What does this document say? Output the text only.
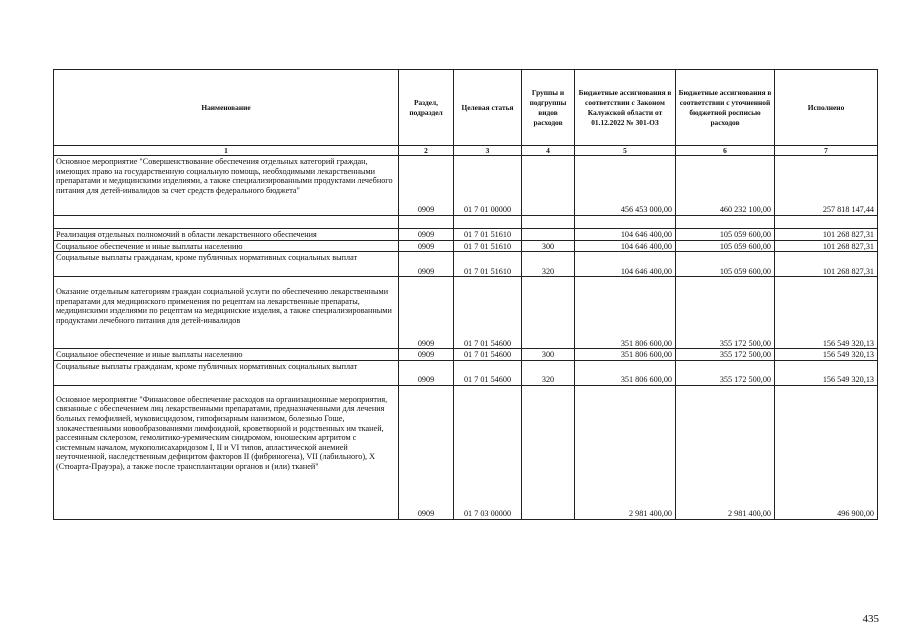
Наименование	Раздел, подраздел	Целевая статья	Группы и подгруппы видов расходов	Бюджетные ассигнования в соответствии с Законом Калужской области от 01.12.2022 № 301-ОЗ	Бюджетные ассигнования в соответствии с уточненной бюджетной росписью расходов	Исполнено
1	2	3	4	5	6	7
Основное мероприятие "Совершенствование обеспечения отдельных категорий граждан, имеющих право на государственную социальную помощь, необходимыми лекарственными препаратами и медицинскими изделиями, а также специализированными продуктами лечебного питания для детей-инвалидов за счет средств федерального бюджета"	0909	01 7 01 00000		456 453 000,00	460 232 100,00	257 818 147,44

Реализация отдельных полномочий в области лекарственного обеспечения	0909	01 7 01 51610		104 646 400,00	105 059 600,00	101 268 827,31
Социальное обеспечение и иные выплаты населению	0909	01 7 01 51610	300	104 646 400,00	105 059 600,00	101 268 827,31
Социальные выплаты гражданам, кроме публичных нормативных социальных выплат	0909	01 7 01 51610	320	104 646 400,00	105 059 600,00	101 268 827,31
Оказание отдельным категориям граждан социальной услуги по обеспечению лекарственными препаратами для медицинского применения по рецептам на лекарственные препараты, медицинскими изделиями по рецептам на медицинские изделия, а также специализированными продуктами лечебного питания для детей-инвалидов	0909	01 7 01 54600		351 806 600,00	355 172 500,00	156 549 320,13
Социальное обеспечение и иные выплаты населению	0909	01 7 01 54600	300	351 806 600,00	355 172 500,00	156 549 320,13
Социальные выплаты гражданам, кроме публичных нормативных социальных выплат	0909	01 7 01 54600	320	351 806 600,00	355 172 500,00	156 549 320,13
Основное мероприятие "Финансовое обеспечение расходов на организационные мероприятия, связанные с обеспечением лиц лекарственными препаратами, предназначенными для лечения больных гемофилией, муковисцидозом, гипофизарным нанизмом, болезнью Гоше, злокачественными новообразованиями лимфоидной, кроветворной и родственных им тканей, рассеянным склерозом, гемолитико-уремическим синдромом, юношеским артритом с системным началом, мукополисахаридозом I, II и VI типов, апластической анемией неуточненной, наследственным дефицитом факторов II (фибриногена), VII (лабильного), X (Стюарта-Прауэра), а также после трансплантации органов и (или) тканей"	0909	01 7 03 00000		2 981 400,00	2 981 400,00	496 900,00
435
